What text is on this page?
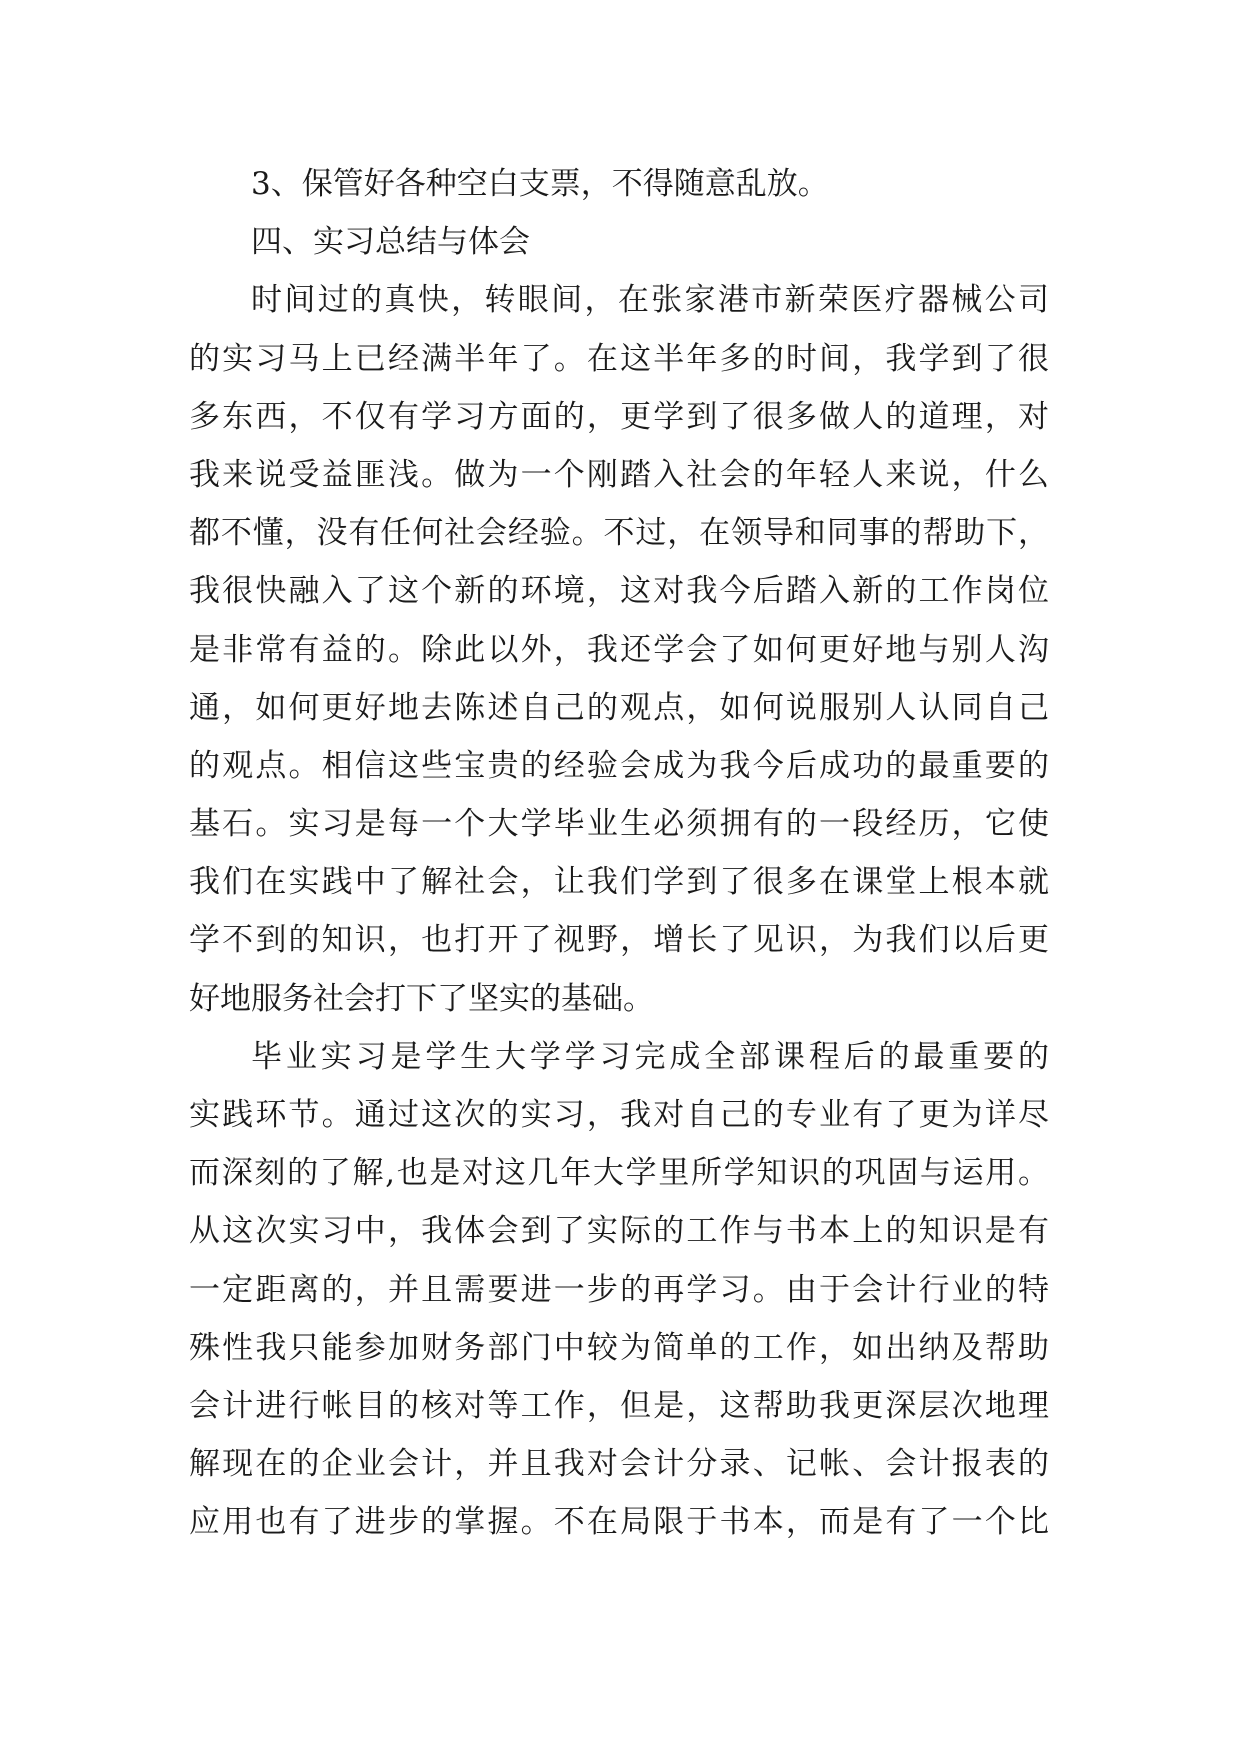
3、保管好各种空白支票，不得随意乱放。
四、实习总结与体会
时间过的真快，转眼间，在张家港市新荣医疗器械公司
的实习马上已经满半年了。在这半年多的时间，我学到了很
多东西，不仅有学习方面的，更学到了很多做人的道理，对
我来说受益匪浅。做为一个刚踏入社会的年轻人来说，什么
都不懂，没有任何社会经验。不过，在领导和同事的帮助下，
我很快融入了这个新的环境，这对我今后踏入新的工作岗位
是非常有益的。除此以外，我还学会了如何更好地与别人沟
通，如何更好地去陈述自己的观点，如何说服别人认同自己
的观点。相信这些宝贵的经验会成为我今后成功的最重要的
基石。实习是每一个大学毕业生必须拥有的一段经历，它使
我们在实践中了解社会，让我们学到了很多在课堂上根本就
学不到的知识，也打开了视野，增长了见识，为我们以后更
好地服务社会打下了坚实的基础。
毕业实习是学生大学学习完成全部课程后的最重要的
实践环节。通过这次的实习，我对自己的专业有了更为详尽
而深刻的了解,也是对这几年大学里所学知识的巩固与运用。
从这次实习中，我体会到了实际的工作与书本上的知识是有
一定距离的，并且需要进一步的再学习。由于会计行业的特
殊性我只能参加财务部门中较为简单的工作，如出纳及帮助
会计进行帐目的核对等工作，但是，这帮助我更深层次地理
解现在的企业会计，并且我对会计分录、记帐、会计报表的
应用也有了进步的掌握。不在局限于书本，而是有了一个比
